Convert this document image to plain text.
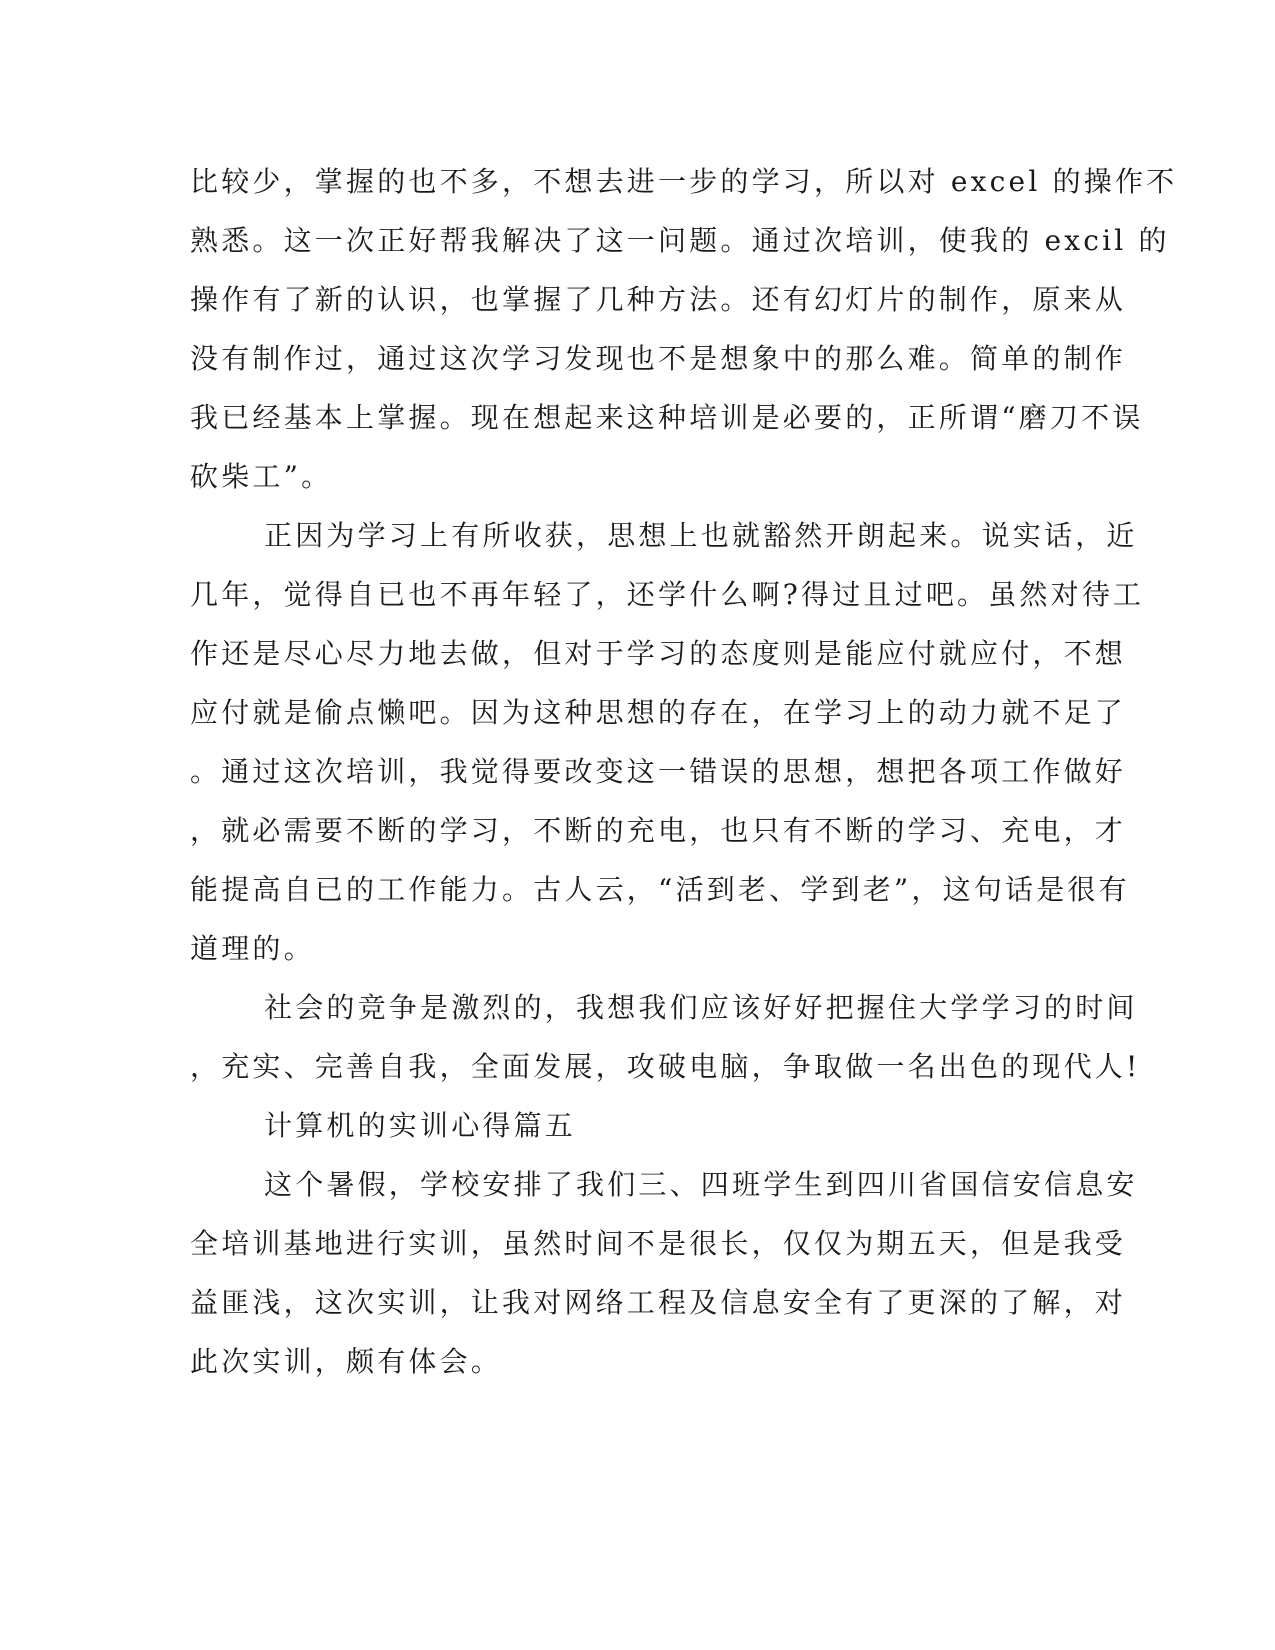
比较少，掌握的也不多，不想去进一步的学习，所以对 excel 的操作不
熟悉。这一次正好帮我解决了这一问题。通过次培训，使我的 excil 的
操作有了新的认识，也掌握了几种方法。还有幻灯片的制作，原来从
没有制作过，通过这次学习发现也不是想象中的那么难。简单的制作
我已经基本上掌握。现在想起来这种培训是必要的，正所谓“磨刀不误
砍柴工”。
正因为学习上有所收获，思想上也就豁然开朗起来。说实话，近
几年，觉得自已也不再年轻了，还学什么啊?得过且过吧。虽然对待工
作还是尽心尽力地去做，但对于学习的态度则是能应付就应付，不想
应付就是偷点懒吧。因为这种思想的存在，在学习上的动力就不足了
。通过这次培训，我觉得要改变这一错误的思想，想把各项工作做好
，就必需要不断的学习，不断的充电，也只有不断的学习、充电，才
能提高自已的工作能力。古人云，“活到老、学到老”，这句话是很有
道理的。
社会的竞争是激烈的，我想我们应该好好把握住大学学习的时间
，充实、完善自我，全面发展，攻破电脑，争取做一名出色的现代人!
计算机的实训心得篇五
这个暑假，学校安排了我们三、四班学生到四川省国信安信息安
全培训基地进行实训，虽然时间不是很长，仅仅为期五天，但是我受
益匪浅，这次实训，让我对网络工程及信息安全有了更深的了解，对
此次实训，颇有体会。
